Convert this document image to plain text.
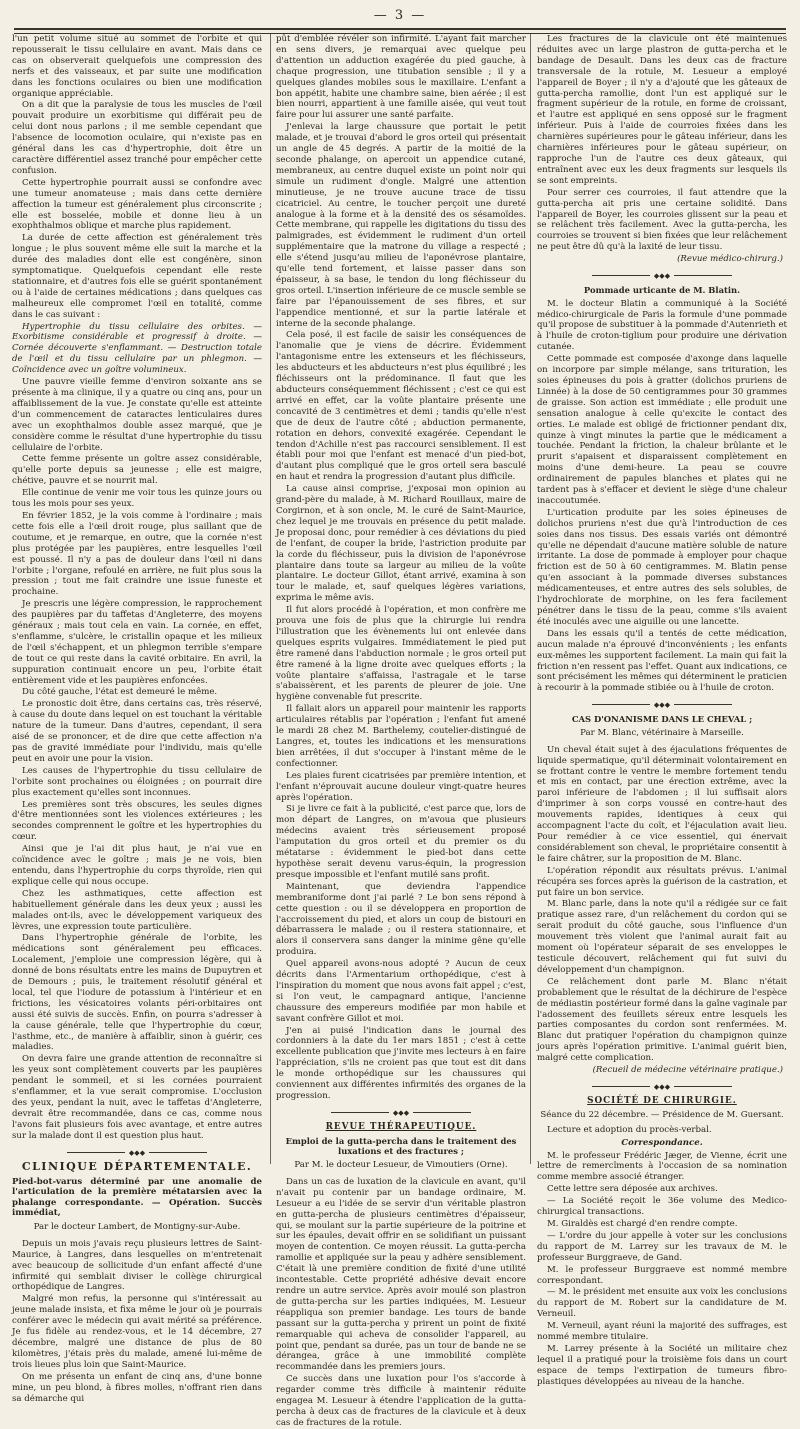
— 3 —

l'un petit volume situé au sommet de l'orbite et qui repousserait le tissu cellulaire en avant. Mais dans ce cas on observerait quelquefois une compression des nerfs et des vaisseaux, et par suite une modification dans les fonctions oculaires ou bien une modification organique appréciable.

On a dit que la paralysie de tous les muscles de l'œil pouvait produire un exorbitisme qui différait peu de celui dont nous parlons ; il me semble cependant que l'absence de locomotion oculaire, qui n'existe pas en général dans les cas d'hypertrophie, doit être un caractère différentiel assez tranché pour empêcher cette confusion.

Cette hypertrophie pourrait aussi se confondre avec une tumeur anomateuse ; mais dans cette dernière affection la tumeur est généralement plus circonscrite ; elle est bosselée, mobile et donne lieu à un exophthalmos oblique et marche plus rapidement.

La durée de cette affection est généralement très longue ; le plus souvent même elle suit la marche et la durée des maladies dont elle est congénère, sinon symptomatique. Quelquefois cependant elle reste stationnaire, et d'autres fois elle se guérit spontanément ou à l'aide de certaines médications ; dans quelques cas malheureux elle compromet l'œil en totalité, comme dans le cas suivant :

Hypertrophie du tissu cellulaire des orbites. — Exorbitisme considérable et progressif à droite. — Cornée découverte s'enflammant. — Destruction totale de l'œil et du tissu cellulaire par un phlegmon. — Coïncidence avec un goître volumineux.

Une pauvre vieille femme d'environ soixante ans se présente à ma clinique, il y a quatre ou cinq ans, pour un affaiblissement de la vue. Je constate qu'elle est atteinte d'un commencement de cataractes lenticulaires dures avec un exophthalmos double assez marqué, que je considère comme le résultat d'une hypertrophie du tissu cellulaire de l'orbite.

Cette femme présente un goître assez considérable, qu'elle porte depuis sa jeunesse ; elle est maigre, chétive, pauvre et se nourrit mal.

Elle continue de venir me voir tous les quinze jours ou tous les mois pour ses yeux.

En février 1852, je la vois comme à l'ordinaire ; mais cette fois elle a l'œil droit rouge, plus saillant que de coutume, et je remarque, en outre, que la cornée n'est plus protégée par les paupières, entre lesquelles l'œil est poussé. Il n'y a pas de douleur dans l'œil ni dans l'orbite ; l'organe, refoulé en arrière, ne fuit plus sous la pression ; tout me fait craindre une issue funeste et prochaine.

Je prescris une légère compression, le rapprochement des paupières par du taffetas d'Angleterre, des moyens généraux ; mais tout cela en vain. La cornée, en effet, s'enflamme, s'ulcère, le cristallin opaque et les milieux de l'œil s'échappent, et un phlegmon terrible s'empare de tout ce qui reste dans la cavité orbitaire. En avril, la suppuration continuait encore un peu, l'orbite était entièrement vide et les paupières enfoncées.

Du côté gauche, l'état est demeuré le même.

Le pronostic doit être, dans certains cas, très réservé, à cause du doute dans lequel on est touchant la véritable nature de la tumeur. Dans d'autres, cependant, il sera aisé de se prononcer, et de dire que cette affection n'a pas de gravité immédiate pour l'individu, mais qu'elle peut en avoir une pour la vision.

Les causes de l'hypertrophie du tissu cellulaire de l'orbite sont prochaines ou éloignées ; on pourrait dire plus exactement qu'elles sont inconnues.

Les premières sont très obscures, les seules dignes d'être mentionnées sont les violences extérieures ; les secondes comprennent le goître et les hypertrophies du cœur.

Ainsi que je l'ai dit plus haut, je n'ai vue en coïncidence avec le goître ; mais je ne vois, bien entendu, dans l'hypertrophie du corps thyroïde, rien qui explique celle qui nous occupe.

Chez les asthmatiques, cette affection est habituellement générale dans les deux yeux ; aussi les malades ont-ils, avec le développement variqueux des lèvres, une expression toute particulière.

Dans l'hypertrophie générale de l'orbite, les médications sont généralement peu efficaces. Localement, j'emploie une compression légère, qui à donné de bons résultats entre les mains de Dupuytren et de Demours ; puis, le traitement résolutif général et local, tel que l'iodure de potassium à l'intérieur et en frictions, les vésicatoires volants péri-orbitaires ont aussi été suivis de succès. Enfin, on pourra s'adresser à la cause générale, telle que l'hypertrophie du cœur, l'asthme, etc., de manière à affaiblir, sinon à guérir, ces maladies.

On devra faire une grande attention de reconnaître si les yeux sont complètement couverts par les paupières pendant le sommeil, et si les cornées pourraient s'enflammer, et la vue serait compromise. L'occlusion des yeux, pendant la nuit, avec le taffetas d'Angleterre, devrait être recommandée, dans ce cas, comme nous l'avons fait plusieurs fois avec avantage, et entre autres sur la malade dont il est question plus haut.

◆◆◆
CLINIQUE DÉPARTEMENTALE.
Pied-bot-varus déterminé par une anomalie de l'articulation de la première métatarsien avec la phalange correspondante. — Opération. Succès immédiat,
Par le docteur Lambert, de Montigny-sur-Aube.

Depuis un mois j'avais reçu plusieurs lettres de Saint-Maurice, à Langres, dans lesquelles on m'entretenait avec beaucoup de sollicitude d'un enfant affecté d'une infirmité qui semblait diviser le collège chirurgical orthopédique de Langres.

Malgré mon refus, la personne qui s'intéressait au jeune malade insista, et fixa même le jour où je pourrais conférer avec le médecin qui avait mérité sa préférence. Je fus fidèle au rendez-vous, et le 14 décembre, 27 décembre, malgré une distance de plus de 80 kilomètres, j'étais près du malade, amené lui-même de trois lieues plus loin que Saint-Maurice.

On me présenta un enfant de cinq ans, d'une bonne mine, un peu blond, à fibres molles, n'offrant rien dans sa démarche qui

pût d'emblée révéler son infirmité. L'ayant fait marcher en sens divers, je remarquai avec quelque peu d'attention un adduction exagérée du pied gauche, à chaque progression, une titubation sensible ; il y a quelques glandes mobiles sous le maxillaire. L'enfant a bon appétit, habite une chambre saine, bien aérée ; il est bien nourri, appartient à une famille aisée, qui veut tout faire pour lui assurer une santé parfaite.

J'enlevai la large chaussure que portait le petit malade, et je trouvai d'abord le gros orteil qui présentait un angle de 45 degrés. A partir de la moitié de la seconde phalange, on apercoit un appendice cutané, membraneux, au centre duquel existe un point noir qui simule un rudiment d'ongle. Malgré une attention minutieuse, je ne trouve aucune trace de tissu cicatriciel. Au centre, le toucher perçoit une dureté analogue à la forme et à la densité des os sésamoïdes. Cette membrane, qui rappelle les digitations du tissu des palmigrades, est évidemment le rudiment d'un orteil supplémentaire que la matrone du village a respecté ; elle s'étend jusqu'au milieu de l'aponévrose plantaire, qu'elle tend fortement, et laisse passer dans son épaisseur, à sa base, le tendon du long fléchisseur du gros orteil. L'insertion inférieure de ce muscle semble se faire par l'épanouissement de ses fibres, et sur l'appendice mentionné, et sur la partie latérale et interne de la seconde phalange.

Cela posé, il est facile de saisir les conséquences de l'anomalie que je viens de décrire. Évidemment l'antagonisme entre les extenseurs et les fléchisseurs, les abducteurs et les abducteurs n'est plus équilibré ; les fléchisseurs ont la prédominance. Il faut que les abducteurs conséquemment fléchissent ; c'est ce qui est arrivé en effet, car la voûte plantaire présente une concavité de 3 centimètres et demi ; tandis qu'elle n'est que de deux de l'autre côté ; abduction permanente, rotation en dehors, convexité exagérée. Cependant le tendon d'Achille n'est pas raccourci sensiblement. Il est établi pour moi que l'enfant est menacé d'un pied-bot, d'autant plus compliqué que le gros orteil sera basculé en haut et rendra la progression d'autant plus difficile.

La cause ainsi comprise, j'exposai mon opinion au grand-père du malade, à M. Richard Rouillaux, maire de Corgirnon, et à son oncle, M. le curé de Saint-Maurice, chez lequel je me trouvais en présence du petit malade. Je proposai donc, pour remédier à ces déviations du pied de l'enfant, de couper la bride, l'astriction produite par la corde du fléchisseur, puis la division de l'aponévrose plantaire dans toute sa largeur au milieu de la voûte plantaire. Le docteur Gillot, étant arrivé, examina à son tour le malade, et, sauf quelques légères variations, exprima le même avis.

Il fut alors procédé à l'opération, et mon confrère me prouva une fois de plus que la chirurgie lui rendra l'illustration que les évènements lui ont enlevée dans quelques esprits vulgaires. Immédiatement le pied put être ramené dans l'abduction normale ; le gros orteil put être ramené à la ligne droite avec quelques efforts ; la voûte plantaire s'affaissa, l'astragale et le tarse s'abaissèrent, et les parents de pleurer de joie. Une hygiène convenable fut prescrite.

Il fallait alors un appareil pour maintenir les rapports articulaires rétablis par l'opération ; l'enfant fut amené le mardi 28 chez M. Barthelemy, coutelier-distingué de Langres, et, toutes les indications et les mensurations bien arrêtées, il dut s'occuper à l'instant même de le confectionner.

Les plaies furent cicatrisées par première intention, et l'enfant n'éprouvait aucune douleur vingt-quatre heures après l'opération.

Si je livre ce fait à la publicité, c'est parce que, lors de mon départ de Langres, on m'avoua que plusieurs médecins avaient très sérieusement proposé l'amputation du gros orteil et du premier os du métatarse : évidemment le pied-bot dans cette hypothèse serait devenu varus-équin, la progression presque impossible et l'enfant mutilé sans profit.

Maintenant, que deviendra l'appendice membraniforme dont j'ai parlé ? Le bon sens répond à cette question : ou il se développera en proportion de l'accroissement du pied, et alors un coup de bistouri en débarrassera le malade ; ou il restera stationnaire, et alors il conservera sans danger la minime gêne qu'elle produira.

Quel appareil avons-nous adopté ? Aucun de ceux décrits dans l'Armentarium orthopédique, c'est à l'inspiration du moment que nous avons fait appel ; c'est, si l'on veut, le campagnard antique, l'ancienne chaussure des empereurs modifiée par mon habile et savant confrère Gillot et moi.

J'en ai puisé l'indication dans le journal des cordonniers à la date du 1er mars 1851 ; c'est à cette excellente publication que j'invite mes lecteurs à en faire l'appréciation, s'ils ne croient pas que tout est dit dans le monde orthopédique sur les chaussures qui conviennent aux différentes infirmités des organes de la progression.

◆◆◆
REVUE THÉRAPEUTIQUE.
Emploi de la gutta-percha dans le traitement des luxations et des fractures ;
Par M. le docteur Lesueur, de Vimoutiers (Orne).

Dans un cas de luxation de la clavicule en avant, qu'il n'avait pu contenir par un bandage ordinaire, M. Lesueur a eu l'idée de se servir d'un véritable plastron en gutta-percha de plusieurs centimètres d'épaisseur, qui, se moulant sur la partie supérieure de la poitrine et sur les épaules, devait offrir en se solidifiant un puissant moyen de contention. Ce moyen réussit. La gutta-percha ramollie et appliquée sur la peau y adhère sensiblement. C'était là une première condition de fixité d'une utilité incontestable. Cette propriété adhésive devait encore rendre un autre service. Après avoir moulé son plastron de gutta-percha sur les parties indiquées, M. Lesueur réappliqua son premier bandage. Les tours de bande passant sur la gutta-percha y prirent un point de fixité remarquable qui acheva de consolider l'appareil, au point que, pendant sa durée, pas un tour de bande ne se dérangea, grâce à une immobilité complète recommandée dans les premiers jours.

Ce succès dans une luxation pour l'os s'accorde à regarder comme très difficile à maintenir réduite engagea M. Lesueur à étendre l'application de la gutta-percha à deux cas de fractures de la clavicule et à deux cas de fractures de la rotule.

Les fractures de la clavicule ont été maintenues réduites avec un large plastron de gutta-percha et le bandage de Desault. Dans les deux cas de fracture transversale de la rotule, M. Lesueur a employé l'appareil de Boyer ; il n'y a d'ajouté que les gâteaux de gutta-percha ramollie, dont l'un est appliqué sur le fragment supérieur de la rotule, en forme de croissant, et l'autre est appliqué en sens opposé sur le fragment inférieur. Puis à l'aide de courroies fixées dans les charnières supérieures pour le gâteau inférieur, dans les charnières inférieures pour le gâteau supérieur, on rapproche l'un de l'autre ces deux gâteaux, qui entraînent avec eux les deux fragments sur lesquels ils se sont empreints.

Pour serrer ces courroies, il faut attendre que la gutta-percha ait pris une certaine solidité. Dans l'appareil de Boyer, les courroies glissent sur la peau et se relâchent très facilement. Avec la gutta-percha, les courroies se trouvent si bien fixées que leur relâchement ne peut être dû qu'à la laxité de leur tissu.

(Revue médico-chirurg.)
◆◆◆
Pommade urticante de M. Blatin.

M. le docteur Blatin a communiqué à la Société médico-chirurgicale de Paris la formule d'une pommade qu'il propose de substituer à la pommade d'Autenrieth et à l'huile de croton-tiglium pour produire une dérivation cutanée.

Cette pommade est composée d'axonge dans laquelle on incorpore par simple mélange, sans trituration, les soies épineuses du pois à gratter (dolichos pruriens de Linnée) à la dose de 50 centigrammes pour 30 grammes de graisse. Son action est immédiate ; elle produit une sensation analogue à celle qu'excite le contact des orties. Le malade est obligé de frictionner pendant dix, quinze à vingt minutes la partie que le médicament a touchée. Pendant la friction, la chaleur brûlante et le prurit s'apaisent et disparaissent complètement en moins d'une demi-heure. La peau se couvre ordinairement de papules blanches et plates qui ne tardent pas à s'effacer et devient le siège d'une chaleur inaccoutumée.

L'urtication produite par les soies épineuses de dolichos pruriens n'est due qu'à l'introduction de ces soies dans nos tissus. Des essais variés ont démontré qu'elle ne dépendait d'aucune matière soluble de nature irritante. La dose de pommade à employer pour chaque friction est de 50 à 60 centigrammes. M. Blatin pense qu'en associant à la pommade diverses substances médicamenteuses, et entre autres des sels solubles, de l'hydrochlorate de morphine, on les fera facilement pénétrer dans le tissu de la peau, comme s'ils avaient été inoculés avec une aiguille ou une lancette.

Dans les essais qu'il a tentés de cette médication, aucun malade n'a éprouvé d'inconvénients ; les enfants eux-mêmes les supportent facilement. La main qui fait la friction n'en ressent pas l'effet. Quant aux indications, ce sont précisément les mêmes qui déterminent le praticien à recourir à la pommade stibiée ou à l'huile de croton.

◆◆◆
CAS D'ONANISME DANS LE CHEVAL ;
Par M. Blanc, vétérinaire à Marseille.

Un cheval était sujet à des éjaculations fréquentes de liquide spermatique, qu'il déterminait volontairement en se frottant contre le ventre le membre fortement tendu et mis en contact, par une érection extrême, avec la paroi inférieure de l'abdomen ; il lui suffisait alors d'imprimer à son corps voussé en contre-haut des mouvements rapides, identiques à ceux qui accompagnent l'acte du coït, et l'éjaculation avait lieu. Pour remédier à ce vice essentiel, qui énervait considérablement son cheval, le propriétaire consentit à le faire châtrer, sur la proposition de M. Blanc.

L'opération répondit aux résultats prévus. L'animal récupéra ses forces après la guérison de la castration, et put faire un bon service.

M. Blanc parle, dans la note qu'il a rédigée sur ce fait pratique assez rare, d'un relâchement du cordon qui se serait produit du côté gauche, sous l'influence d'un mouvement très violent que l'animal aurait fait au moment où l'opérateur séparait de ses enveloppes le testicule découvert, relâchement qui fut suivi du développement d'un champignon.

Ce relâchement dont parle M. Blanc n'était probablement que le résultat de la déchirure de l'espèce de médiastin postérieur formé dans la gaîne vaginale par l'adossement des feuillets séreux entre lesquels les parties composantes du cordon sont renfermées. M. Blanc dut pratiquer l'opération du champignon quinze jours après l'opération primitive. L'animal guérit bien, malgré cette complication.

(Recueil de médecine vétérinaire pratique.)
◆◆◆
SOCIÉTÉ DE CHIRURGIE.
Séance du 22 décembre. — Présidence de M. Guersant.

Lecture et adoption du procès-verbal.

Correspondance.

M. le professeur Frédéric Jæger, de Vienne, écrit une lettre de remercîments à l'occasion de sa nomination comme membre associé étranger.

Cette lettre sera déposée aux archives.

— La Société reçoit le 36e volume des Medico-chirurgical transactions.

M. Giraldès est chargé d'en rendre compte.

— L'ordre du jour appelle à voter sur les conclusions du rapport de M. Larrey sur les travaux de M. le professeur Burggraeve, de Gand.

M. le professeur Burggraeve est nommé membre correspondant.

— M. le président met ensuite aux voix les conclusions du rapport de M. Robert sur la candidature de M. Verneuil.

M. Verneuil, ayant réuni la majorité des suffrages, est nommé membre titulaire.

M. Larrey présente à la Société un militaire chez lequel il a pratiqué pour la troisième fois dans un court espace de temps l'extirpation de tumeurs fibro-plastiques développées au niveau de la hanche.
